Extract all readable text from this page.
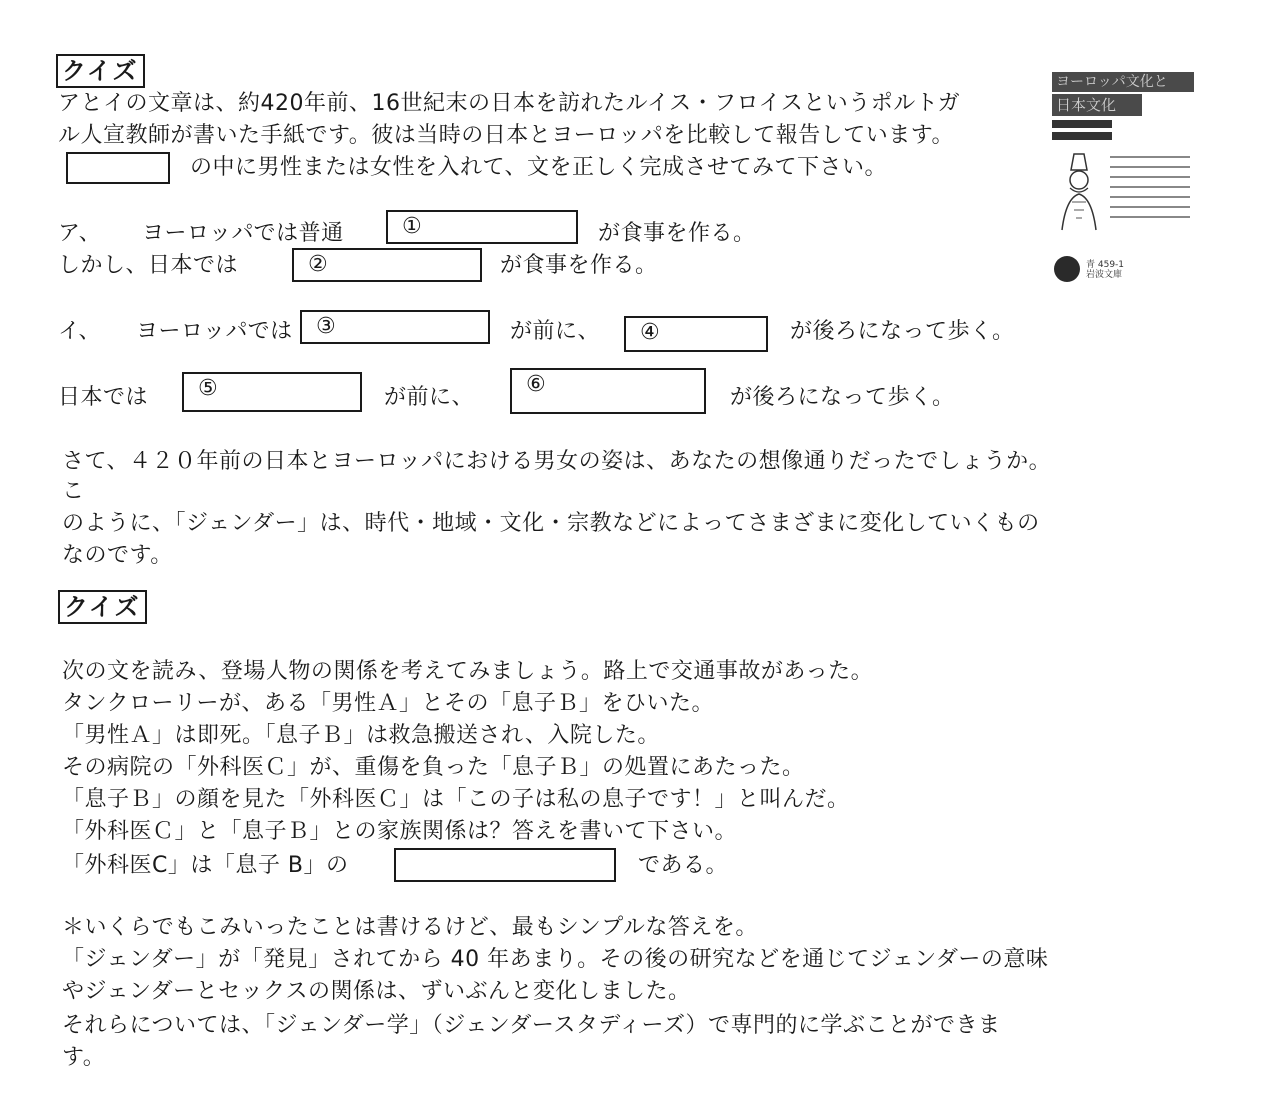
クイズ
アとイの文章は、約420年前、16世紀末の日本を訪れたルイス・フロイスというポルトガ
ル人宣教師が書いた手紙です。彼は当時の日本とヨーロッパを比較して報告しています。
の中に男性または女性を入れて、文を正しく完成させてみて下さい。
ア、 ヨーロッパでは普通	①	が食事を作る。
しかし、日本では	②	が食事を作る。
イ、 ヨーロッパでは ③	が前に、 ④	が後ろになって歩く。
日本では ⑤	が前に、
⑥
が後ろになって歩く。
さて、４２０年前の日本とヨーロッパにおける男女の姿は、あなたの想像通りだったでしょうか。
こ
のように、「ジェンダー」は、時代・地域・文化・宗教などによってさまざまに変化していくもの
なのです。
ヨーロッパ文化と
日本文化
青 459-1
岩波文庫
クイズ
次の文を読み、登場人物の関係を考えてみましょう。路上で交通事故があった。
タンクローリーが、ある「男性Ａ」とその「息子Ｂ」をひいた。
「男性Ａ」は即死。「息子Ｂ」は救急搬送され、入院した。
その病院の「外科医Ｃ」が、重傷を負った「息子Ｂ」の処置にあたった。
「息子Ｂ」の顔を見た「外科医Ｃ」は「この子は私の息子です！」と叫んだ。
「外科医Ｃ」と「息子Ｂ」との家族関係は？答えを書いて下さい。
「外科医C」は「息子 B」の	である。
＊いくらでもこみいったことは書けるけど、最もシンプルな答えを。
「ジェンダー」が「発見」されてから 40 年あまり。その後の研究などを通じてジェンダーの意味
やジェンダーとセックスの関係は、ずいぶんと変化しました。
それらについては、「ジェンダー学」（ジェンダースタディーズ）で専門的に学ぶことができま
す。
